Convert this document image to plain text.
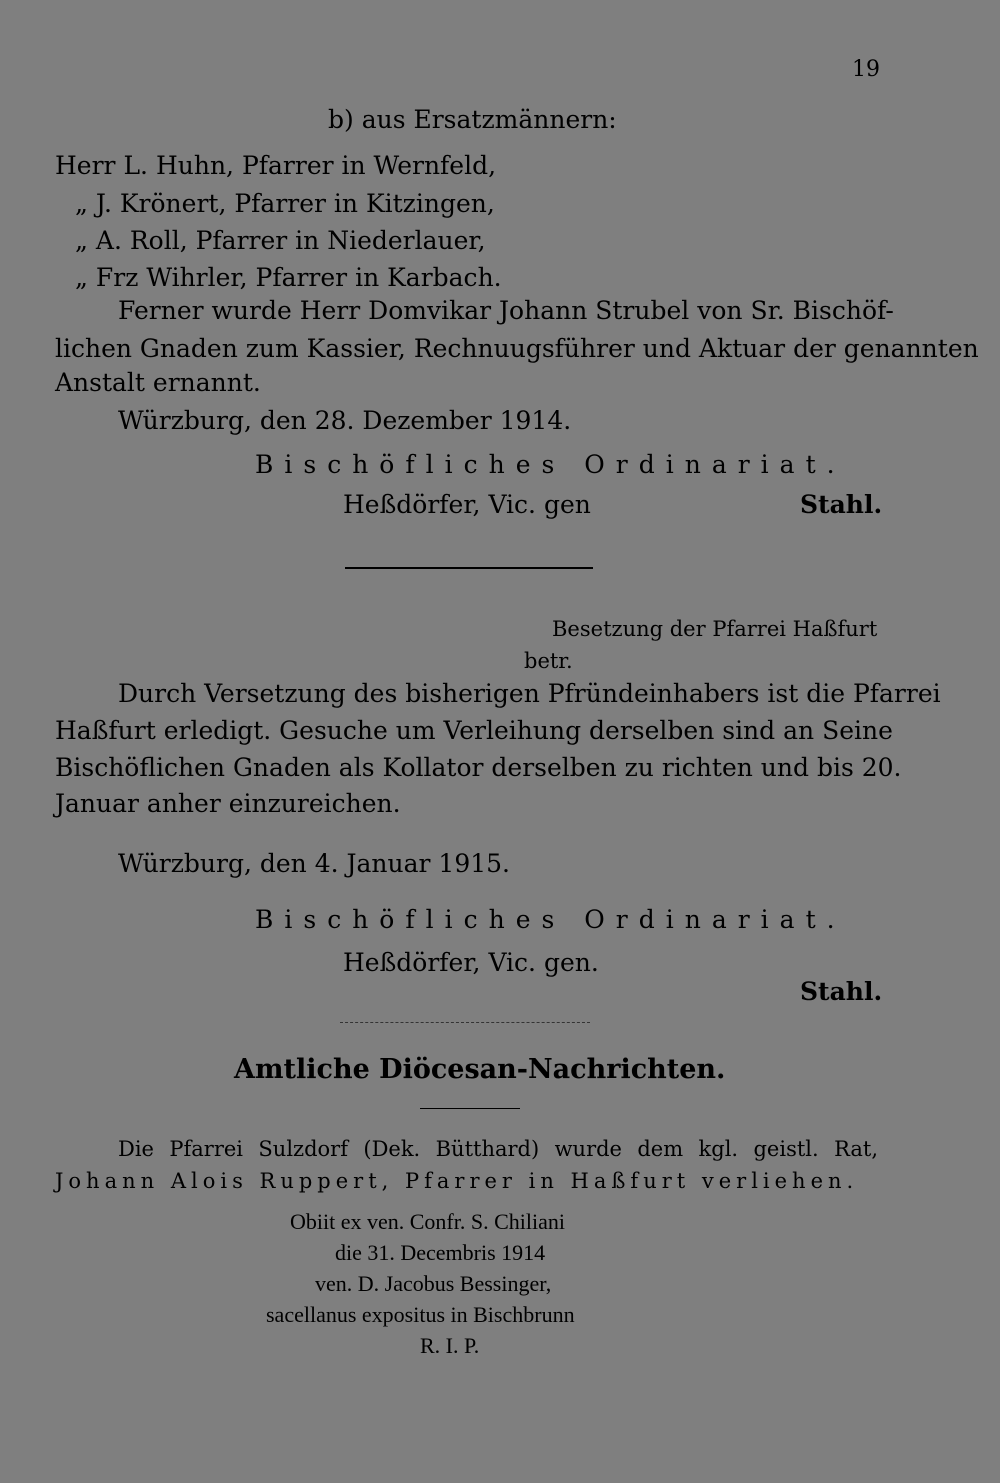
19
b) aus Ersatzmännern:
Herr L. Huhn, Pfarrer in Wernfeld,
„ J. Krönert, Pfarrer in Kitzingen,
„ A. Roll, Pfarrer in Niederlauer,
„ Frz Wihrler, Pfarrer in Karbach.
Ferner wurde Herr Domvikar Johann Strubel von Sr. Bischöf-
lichen Gnaden zum Kassier, Rechnuugsführer und Aktuar der genannten
Anstalt ernannt.
Würzburg, den 28. Dezember 1914.
Bischöfliches Ordinariat.
Heßdörfer, Vic. gen	Stahl.
Besetzung der Pfarrei Haßfurt
betr.
Durch Versetzung des bisherigen Pfründeinhabers ist die Pfarrei
Haßfurt erledigt. Gesuche um Verleihung derselben sind an Seine
Bischöflichen Gnaden als Kollator derselben zu richten und bis 20.
Januar anher einzureichen.
Würzburg, den 4. Januar 1915.
Bischöfliches Ordinariat.
Heßdörfer, Vic. gen.
Stahl.
Amtliche Diöcesan-Nachrichten.
Die Pfarrei Sulzdorf (Dek. Bütthard) wurde dem kgl. geistl. Rat,
Johann Alois Ruppert, Pfarrer in Haßfurt verliehen.
Obiit ex ven. Confr. S. Chiliani
die 31. Decembris 1914
ven. D. Jacobus Bessinger,
sacellanus expositus in Bischbrunn
R. I. P.
